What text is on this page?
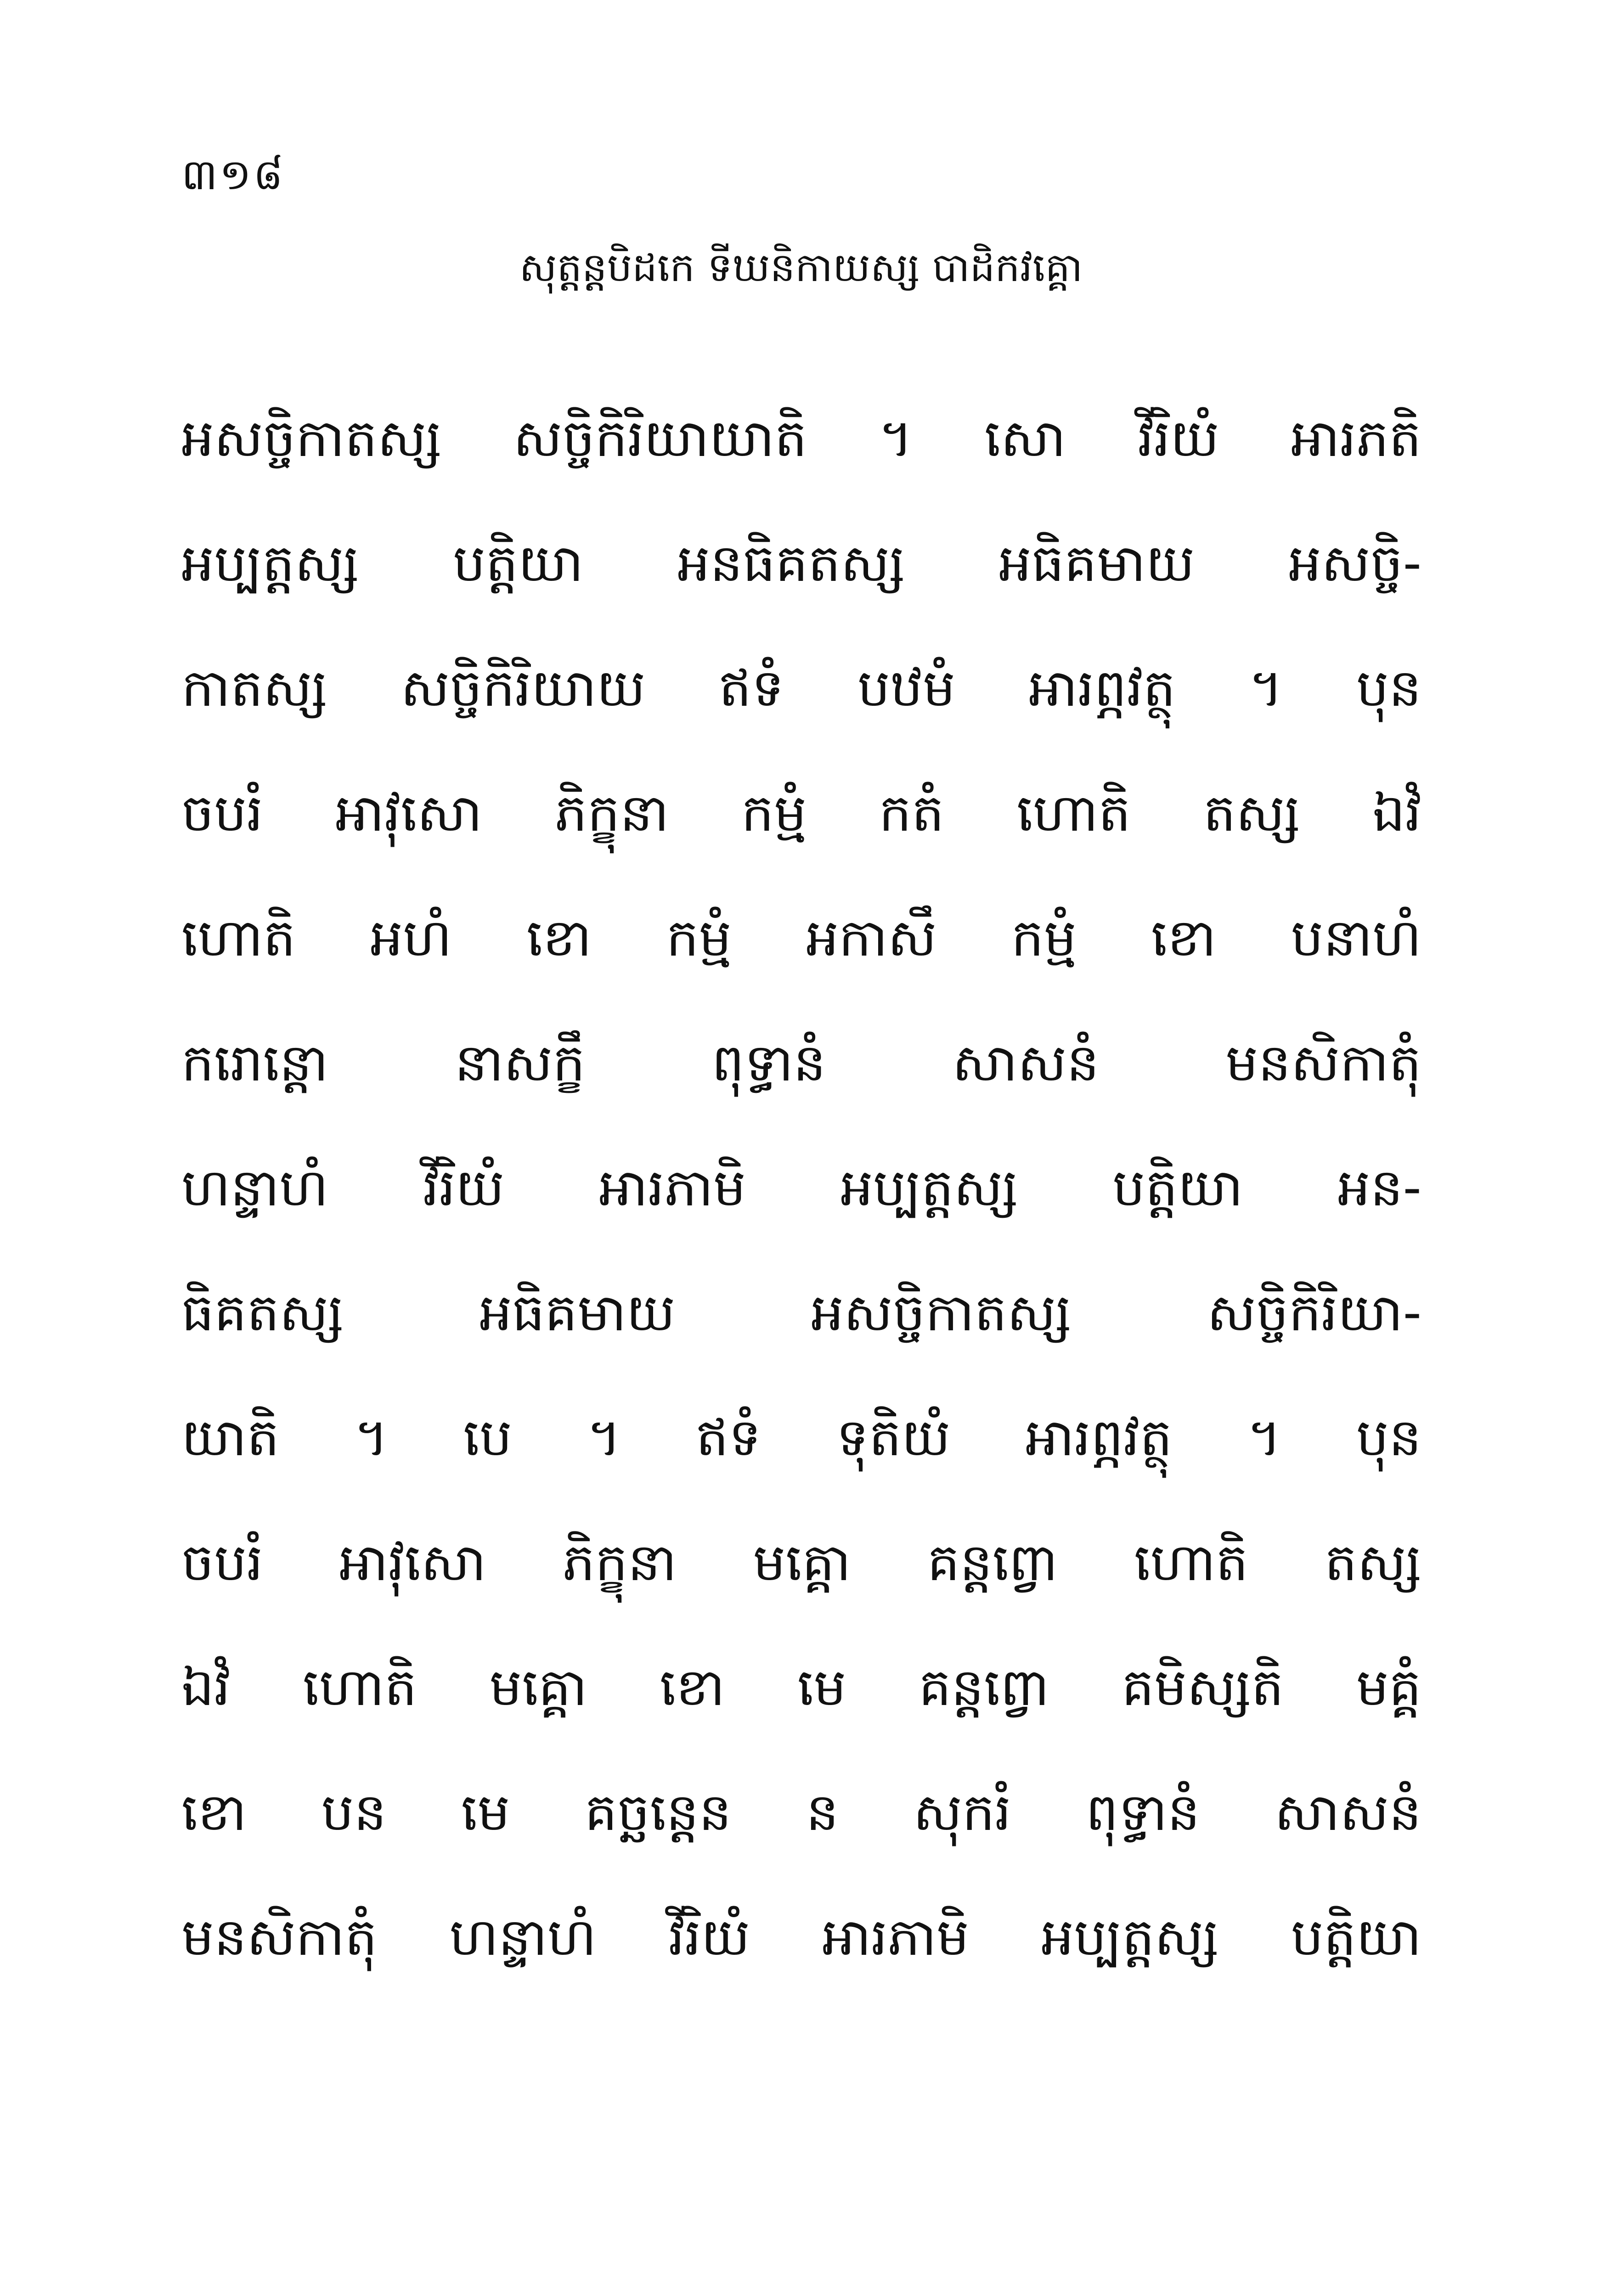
៣១៨
សុត្តន្តបិដកេ ទីឃនិកាយស្ស បាដិកវគ្គោ
អសច្ចិកាតស្ស សច្ចិកិរិយាយាតិ ។ សោ វីរិយំ អារភតិ
អប្បត្តស្ស បត្តិយា អនធិគតស្ស អធិគមាយ អសច្ចិ-
កាតស្ស សច្ចិកិរិយាយ ឥទំ បឋមំ អារព្ភវត្ថុ ។ បុន
ចបរំ អាវុសោ ភិក្ខុនា កម្មំ កតំ ហោតិ តស្ស ឯវំ
ហោតិ អហំ ខោ កម្មំ អកាសឹ កម្មំ ខោ បនាហំ
ករោន្តោ នាសក្ខឹ ពុទ្ធានំ សាសនំ មនសិកាតុំ
ហន្ទាហំ វីរិយំ អារភាមិ អប្បត្តស្ស បត្តិយា អន-
ធិគតស្ស	អធិគមាយ	អសច្ចិកាតស្ស	សច្ចិកិរិយា-
យាតិ ។ បេ ។ ឥទំ ទុតិយំ អារព្ភវត្ថុ ។ បុន
ចបរំ អាវុសោ ភិក្ខុនា មគ្គោ គន្តព្វោ ហោតិ តស្ស
ឯវំ ហោតិ មគ្គោ ខោ មេ គន្តព្វោ គមិស្សតិ មគ្គំ
ខោ បន មេ គច្ឆន្តេន ន សុករំ ពុទ្ធានំ សាសនំ
មនសិកាតុំ ហន្ទាហំ វីរិយំ អារភាមិ អប្បត្តស្ស បត្តិយា
